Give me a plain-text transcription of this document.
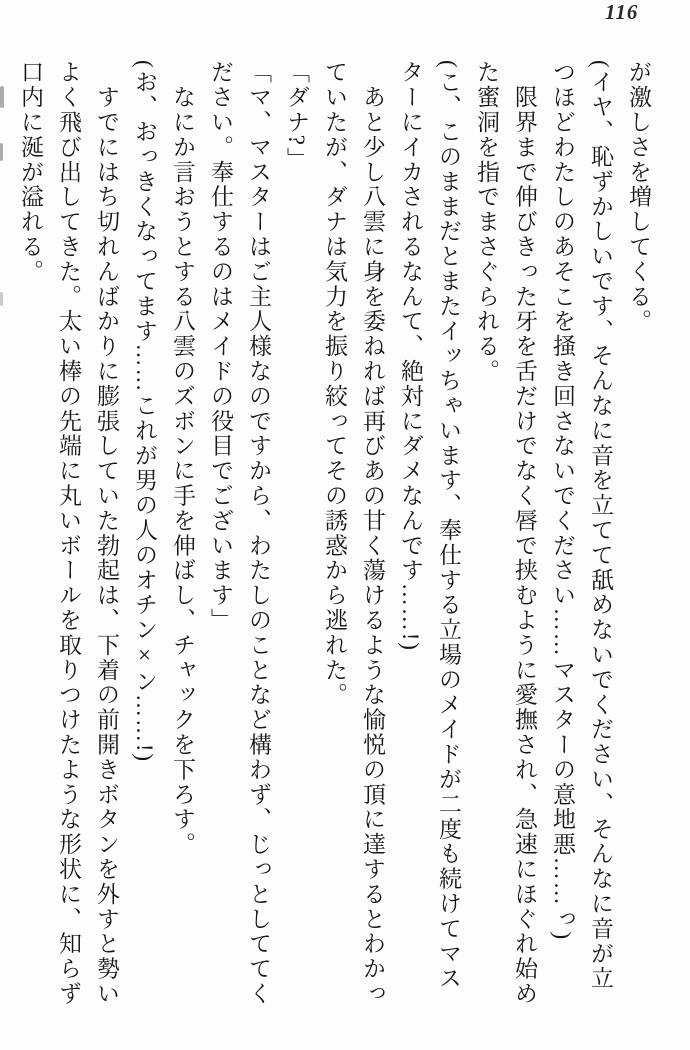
116
が激しさを増してくる。
(イヤ、恥ずかしいです、そんなに音を立てて舐めないでください、そんなに音が立
つほどわたしのあそこを掻き回さないでください……マスターの意地悪……っ)
　限界まで伸びきった牙を舌だけでなく唇で挟むように愛撫され、急速にほぐれ始め
た蜜洞を指でまさぐられる。
(こ、このままだとまたイッちゃいます、奉仕する立場のメイドが二度も続けてマス
ターにイカされるなんて、絶対にダメなんです……!)
　あと少し八雲に身を委ねれば再びあの甘く蕩けるような愉悦の頂に達するとわかっ
ていたが、ダナは気力を振り絞ってその誘惑から逃れた。
「ダナ?」
「マ、マスターはご主人様なのですから、わたしのことなど構わず、じっとしててく
ださい。奉仕するのはメイドの役目でございます」
　なにか言おうとする八雲のズボンに手を伸ばし、チャックを下ろす。
(お、おっきくなってます……これが男の人のオチン×ン……!)
　すでにはち切れんばかりに膨張していた勃起は、下着の前開きボタンを外すと勢い
よく飛び出してきた。太い棒の先端に丸いボールを取りつけたような形状に、知らず
口内に涎が溢れる。
